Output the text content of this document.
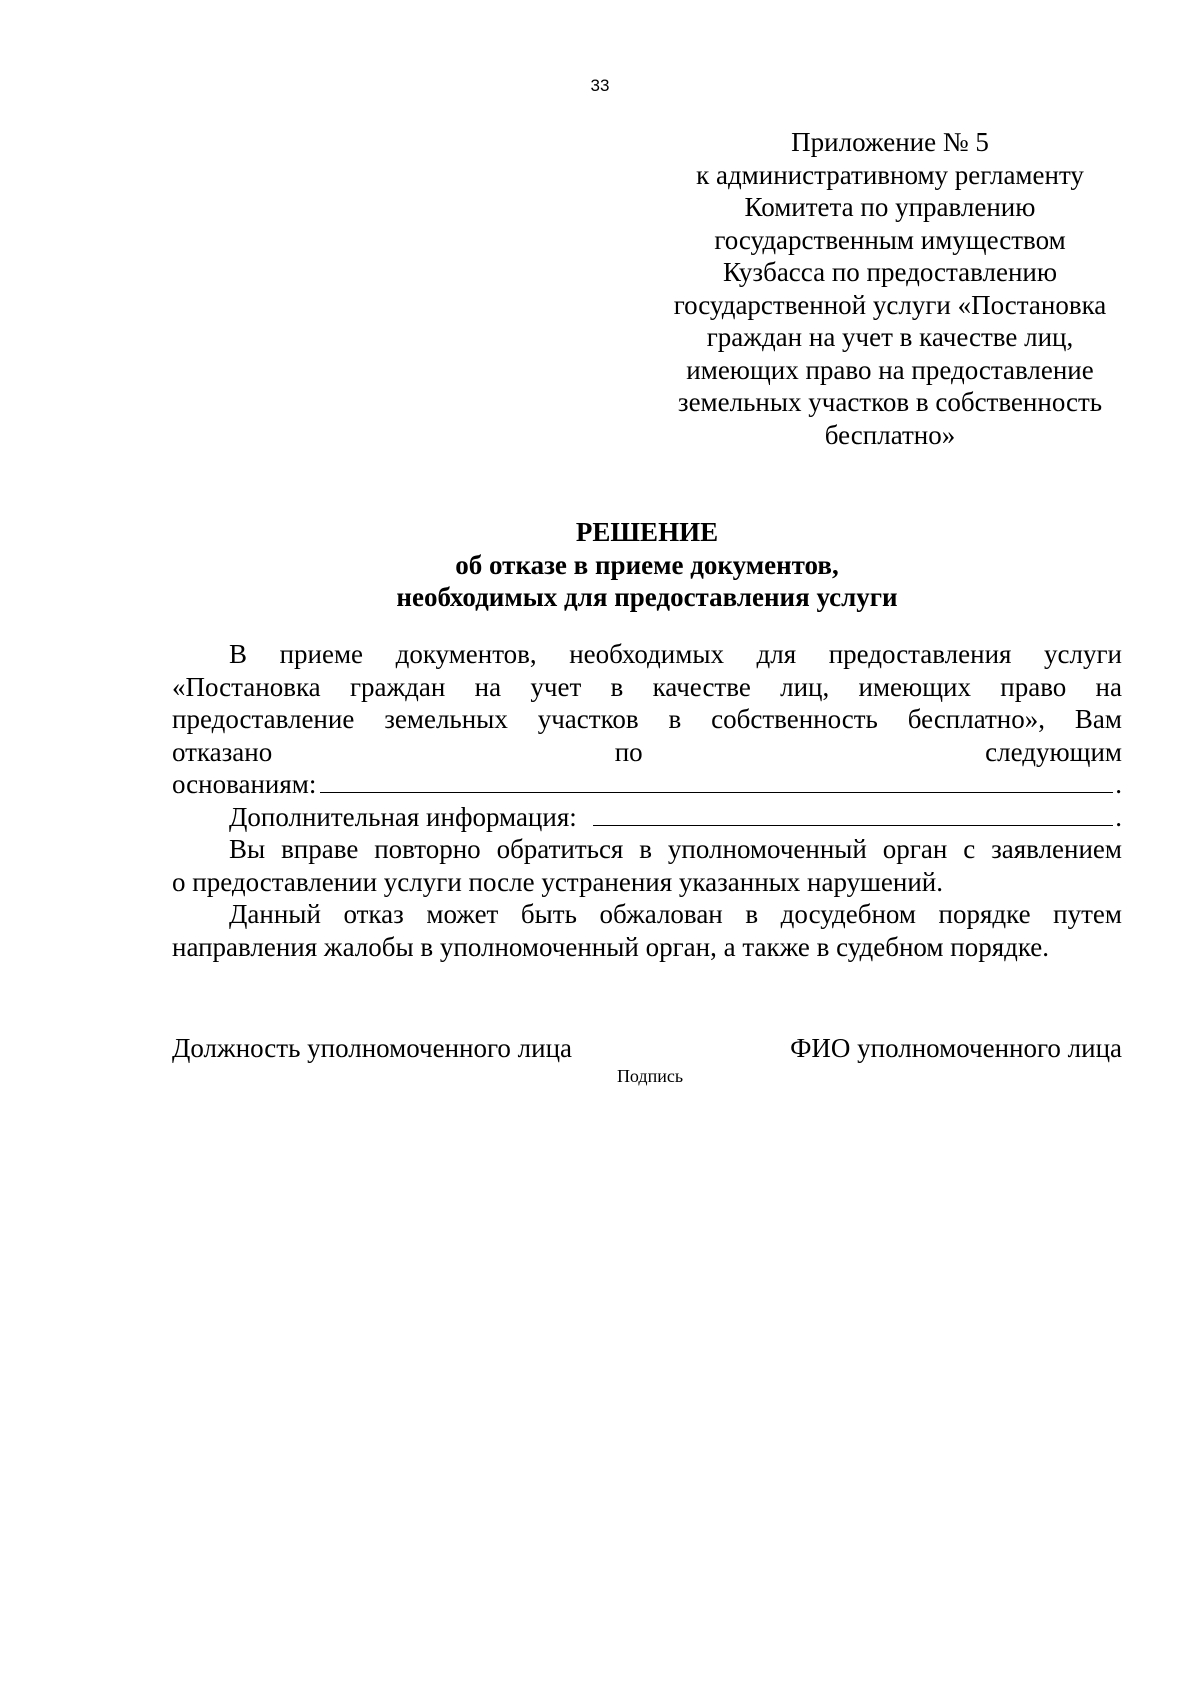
33
Приложение № 5
к административному регламенту
Комитета по управлению
государственным имуществом
Кузбасса по предоставлению
государственной услуги «Постановка
граждан на учет в качестве лиц,
имеющих право на предоставление
земельных участков в собственность
бесплатно»
РЕШЕНИЕ
об отказе в приеме документов,
необходимых для предоставления услуги
В приеме документов, необходимых для предоставления услуги
«Постановка граждан на учет в качестве лиц, имеющих право на
предоставление земельных участков в собственность бесплатно», Вам
отказано по следующим
основаниям:	.
Дополнительная информация:	.
Вы вправе повторно обратиться в уполномоченный орган с заявлением
о предоставлении услуги после устранения указанных нарушений.
Данный отказ может быть обжалован в досудебном порядке путем
направления жалобы в уполномоченный орган, а также в судебном порядке.
Должность уполномоченного лица	ФИО уполномоченного лица
Подпись
